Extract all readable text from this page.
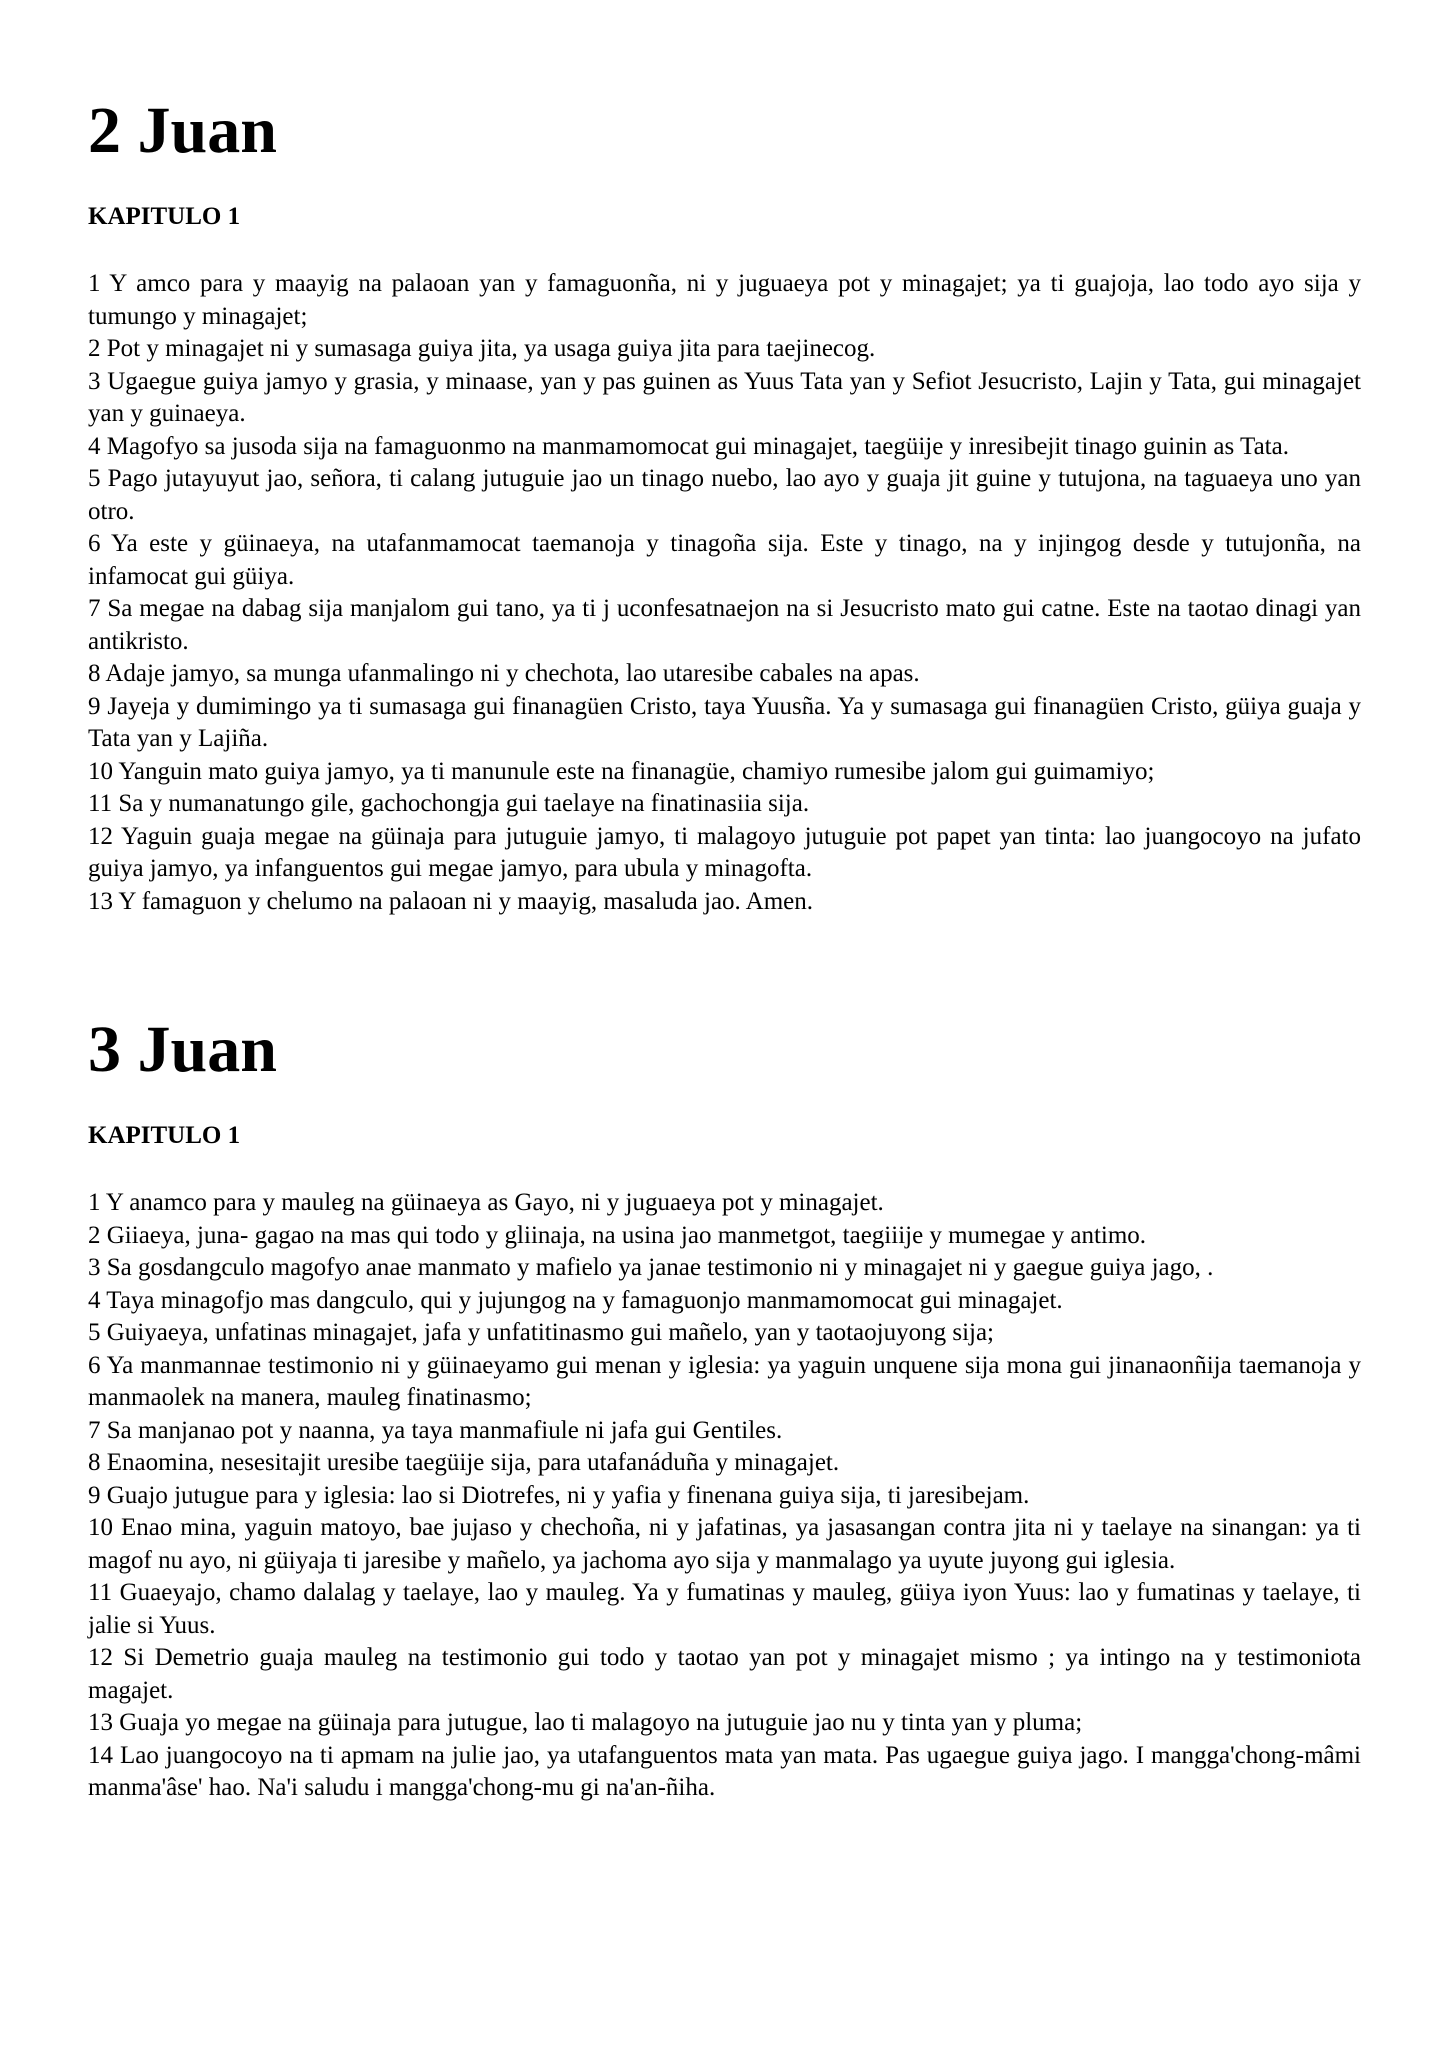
2 Juan
KAPITULO 1

1 Y amco para y maayig na palaoan yan y famaguonña, ni y juguaeya pot y minagajet; ya ti guajoja, lao todo ayo sija y tumungo y minagajet;

2 Pot y minagajet ni y sumasaga guiya jita, ya usaga guiya jita para taejinecog.

3 Ugaegue guiya jamyo y grasia, y minaase, yan y pas guinen as Yuus Tata yan y Sefiot Jesucristo, Lajin y Tata, gui minagajet yan y guinaeya.

4 Magofyo sa jusoda sija na famaguonmo na manmamomocat gui minagajet, taegüije y inresibejit tinago guinin as Tata.

5 Pago jutayuyut jao, señora, ti calang jutuguie jao un tinago nuebo, lao ayo y guaja jit guine y tutujona, na taguaeya uno yan otro.

6 Ya este y güinaeya, na utafanmamocat taemanoja y tinagoña sija. Este y tinago, na y injingog desde y tutujonña, na infamocat gui güiya.

7 Sa megae na dabag sija manjalom gui tano, ya ti j uconfesatnaejon na si Jesucristo mato gui catne. Este na taotao dinagi yan antikristo.

8 Adaje jamyo, sa munga ufanmalingo ni y chechota, lao utaresibe cabales na apas.

9 Jayeja y dumimingo ya ti sumasaga gui finanagüen Cristo, taya Yuusña. Ya y sumasaga gui finanagüen Cristo, güiya guaja y Tata yan y Lajiña.

10 Yanguin mato guiya jamyo, ya ti manunule este na finanagüe, chamiyo rumesibe jalom gui guimamiyo;

11 Sa y numanatungo gile, gachochongja gui taelaye na finatinasiia sija.

12 Yaguin guaja megae na güinaja para jutuguie jamyo, ti malagoyo jutuguie pot papet yan tinta: lao juangocoyo na jufato guiya jamyo, ya infanguentos gui megae jamyo, para ubula y minagofta.

13 Y famaguon y chelumo na palaoan ni y maayig, masaluda jao. Amen.

3 Juan
KAPITULO 1

1 Y anamco para y mauleg na güinaeya as Gayo, ni y juguaeya pot y minagajet.

2 Giiaeya, juna- gagao na mas qui todo y gliinaja, na usina jao manmetgot, taegiiije y mumegae y antimo.

3 Sa gosdangculo magofyo anae manmato y mafielo ya janae testimonio ni y minagajet ni y gaegue guiya jago, .

4 Taya minagofjo mas dangculo, qui y jujungog na y famaguonjo manmamomocat gui minagajet.

5 Guiyaeya, unfatinas minagajet, jafa y unfatitinasmo gui mañelo, yan y taotaojuyong sija;

6 Ya manmannae testimonio ni y güinaeyamo gui menan y iglesia: ya yaguin unquene sija mona gui jinanaonñija taemanoja y manmaolek na manera, mauleg finatinasmo;

7 Sa manjanao pot y naanna, ya taya manmafiule ni jafa gui Gentiles.

8 Enaomina, nesesitajit uresibe taegüije sija, para utafanáduña y minagajet.

9 Guajo jutugue para y iglesia: lao si Diotrefes, ni y yafia y finenana guiya sija, ti jaresibejam.

10 Enao mina, yaguin matoyo, bae jujaso y chechoña, ni y jafatinas, ya jasasangan contra jita ni y taelaye na sinangan: ya ti magof nu ayo, ni güiyaja ti jaresibe y mañelo, ya jachoma ayo sija y manmalago ya uyute juyong gui iglesia.

11 Guaeyajo, chamo dalalag y taelaye, lao y mauleg. Ya y fumatinas y mauleg, güiya iyon Yuus: lao y fumatinas y taelaye, ti jalie si Yuus.

12 Si Demetrio guaja mauleg na testimonio gui todo y taotao yan pot y minagajet mismo ; ya intingo na y testimoniota magajet.

13 Guaja yo megae na güinaja para jutugue, lao ti malagoyo na jutuguie jao nu y tinta yan y pluma;

14 Lao juangocoyo na ti apmam na julie jao, ya utafanguentos mata yan mata. Pas ugaegue guiya jago. I mangga'chong-mâmi manma'âse' hao. Na'i saludu i mangga'chong-mu gi na'an-ñiha.
